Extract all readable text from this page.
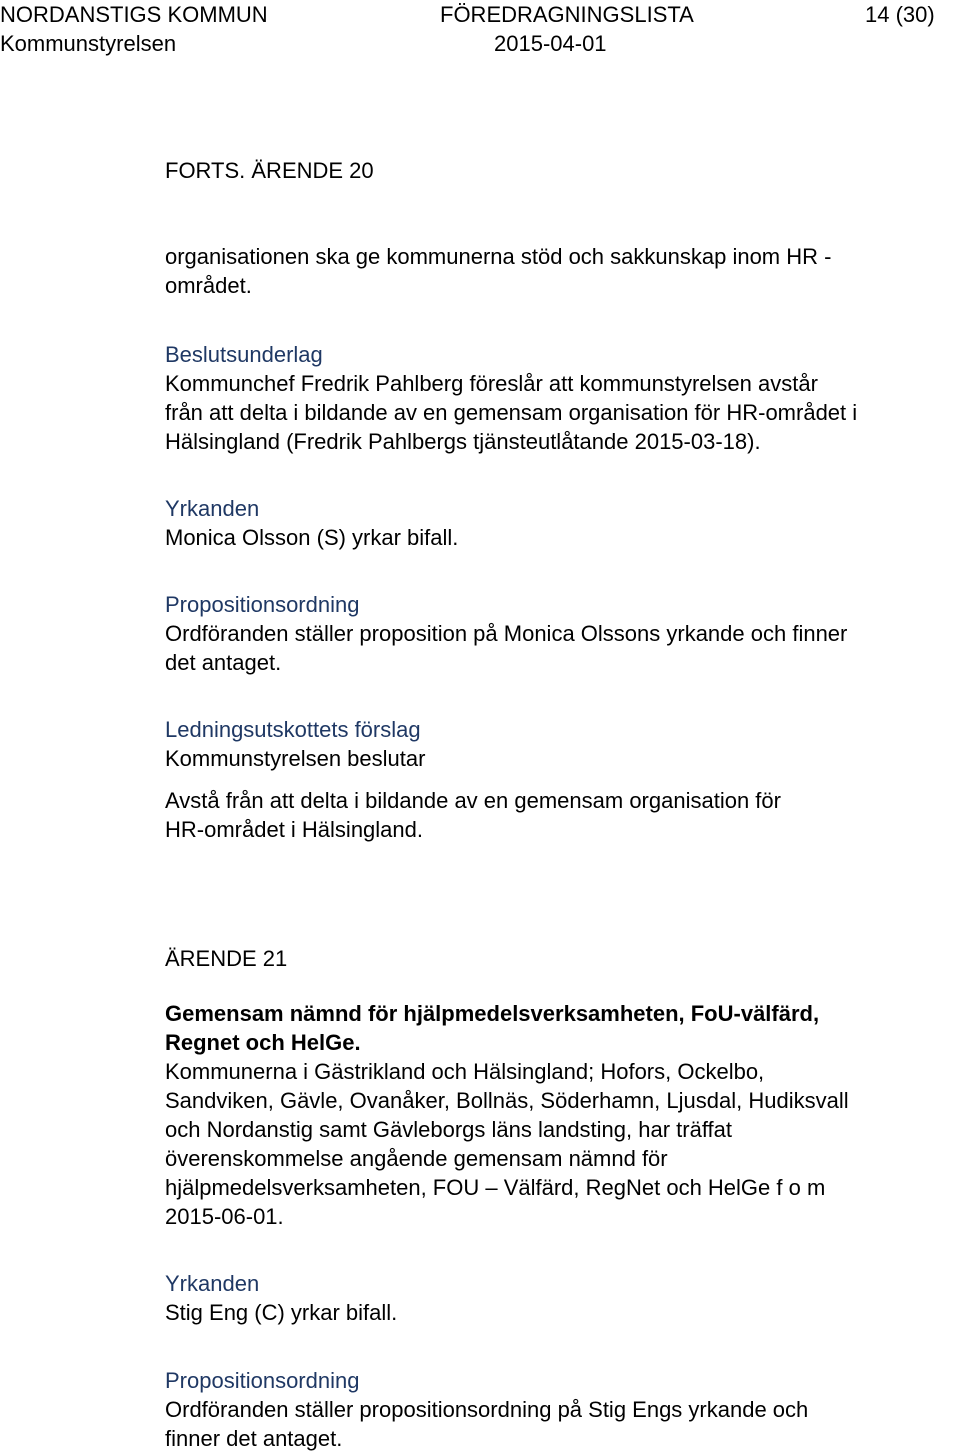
NORDANSTIGS KOMMUN	FÖREDRAGNINGSLISTA	14 (30)
Kommunstyrelsen	2015-04-01

FORTS. ÄRENDE 20

organisationen ska ge kommunerna stöd och sakkunskap inom HR -

området.

Beslutsunderlag

Kommunchef Fredrik Pahlberg föreslår att kommunstyrelsen avstår

från att delta i bildande av en gemensam organisation för HR-området i

Hälsingland (Fredrik Pahlbergs tjänsteutlåtande 2015-03-18).

Yrkanden

Monica Olsson (S) yrkar bifall.

Propositionsordning

Ordföranden ställer proposition på Monica Olssons yrkande och finner

det antaget.

Ledningsutskottets förslag

Kommunstyrelsen beslutar

Avstå från att delta i bildande av en gemensam organisation för

HR-området i Hälsingland.

ÄRENDE 21

Gemensam nämnd för hjälpmedelsverksamheten, FoU-välfärd,

Regnet och HelGe.

Kommunerna i Gästrikland och Hälsingland; Hofors, Ockelbo,

Sandviken, Gävle, Ovanåker, Bollnäs, Söderhamn, Ljusdal, Hudiksvall

och Nordanstig samt Gävleborgs läns landsting, har träffat

överenskommelse angående gemensam nämnd för

hjälpmedelsverksamheten, FOU – Välfärd, RegNet och HelGe f o m

2015-06-01.

Yrkanden

Stig Eng (C) yrkar bifall.

Propositionsordning

Ordföranden ställer propositionsordning på Stig Engs yrkande och

finner det antaget.
